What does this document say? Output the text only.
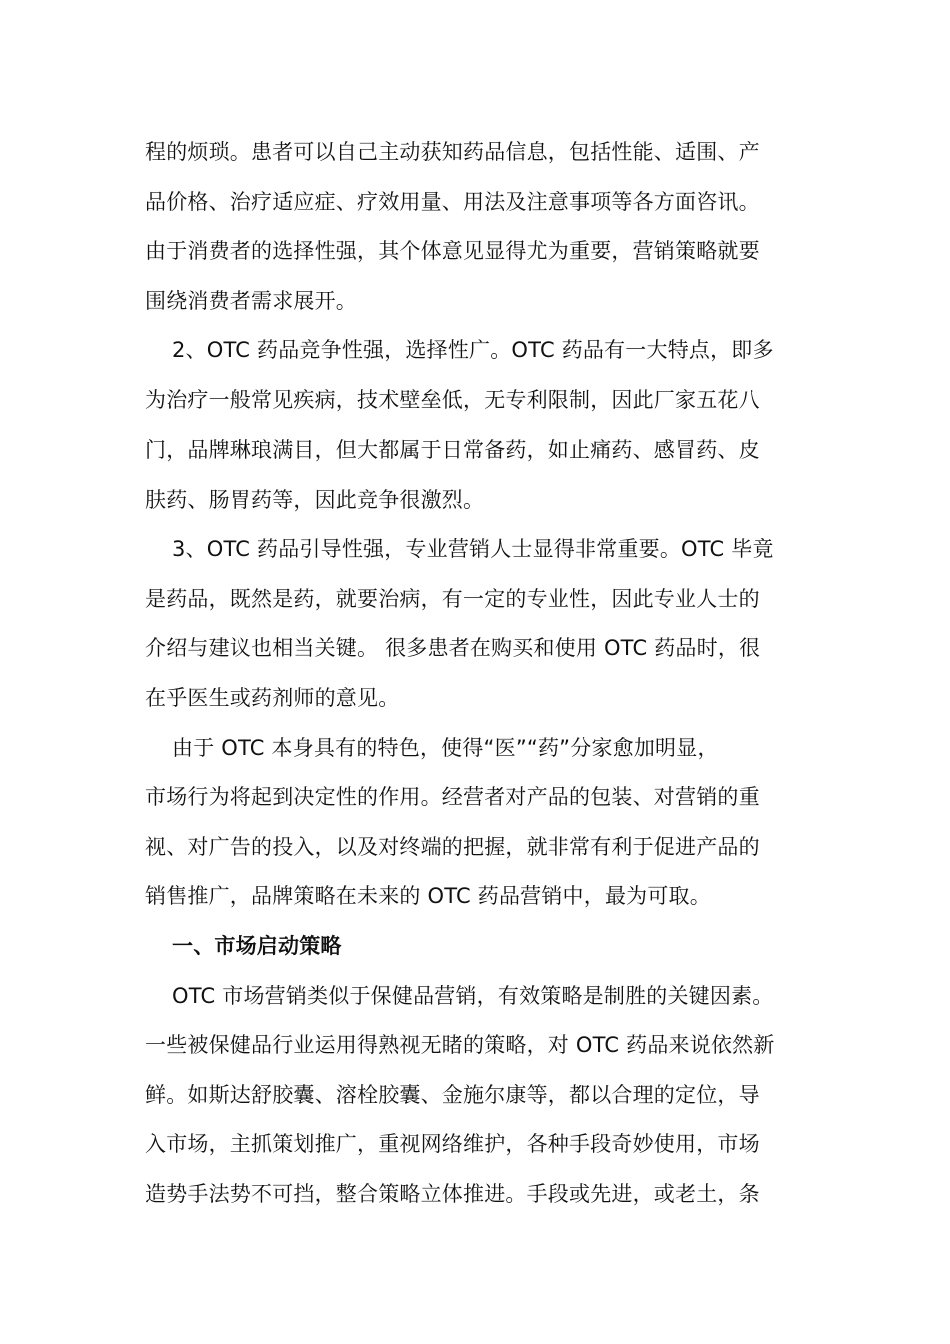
程的烦琐。患者可以自己主动获知药品信息，包括性能、适围、产
品价格、治疗适应症、疗效用量、用法及注意事项等各方面咨讯。
由于消费者的选择性强，其个体意见显得尤为重要，营销策略就要
围绕消费者需求展开。
2、OTC 药品竞争性强，选择性广。OTC 药品有一大特点，即多
为治疗一般常见疾病，技术壁垒低，无专利限制，因此厂家五花八
门，品牌琳琅满目，但大都属于日常备药，如止痛药、感冒药、皮
肤药、肠胃药等，因此竞争很激烈。
3、OTC 药品引导性强，专业营销人士显得非常重要。OTC 毕竟
是药品，既然是药，就要治病，有一定的专业性，因此专业人士的
介绍与建议也相当关键。 很多患者在购买和使用 OTC 药品时，很
在乎医生或药剂师的意见。
由于 OTC 本身具有的特色，使得“医”“药”分家愈加明显，
市场行为将起到决定性的作用。经营者对产品的包装、对营销的重
视、对广告的投入，以及对终端的把握，就非常有利于促进产品的
销售推广，品牌策略在未来的 OTC 药品营销中，最为可取。
一、市场启动策略
OTC 市场营销类似于保健品营销，有效策略是制胜的关键因素。
一些被保健品行业运用得熟视无睹的策略，对 OTC 药品来说依然新
鲜。如斯达舒胶囊、溶栓胶囊、金施尔康等，都以合理的定位，导
入市场，主抓策划推广，重视网络维护，各种手段奇妙使用，市场
造势手法势不可挡，整合策略立体推进。手段或先进，或老土，条
